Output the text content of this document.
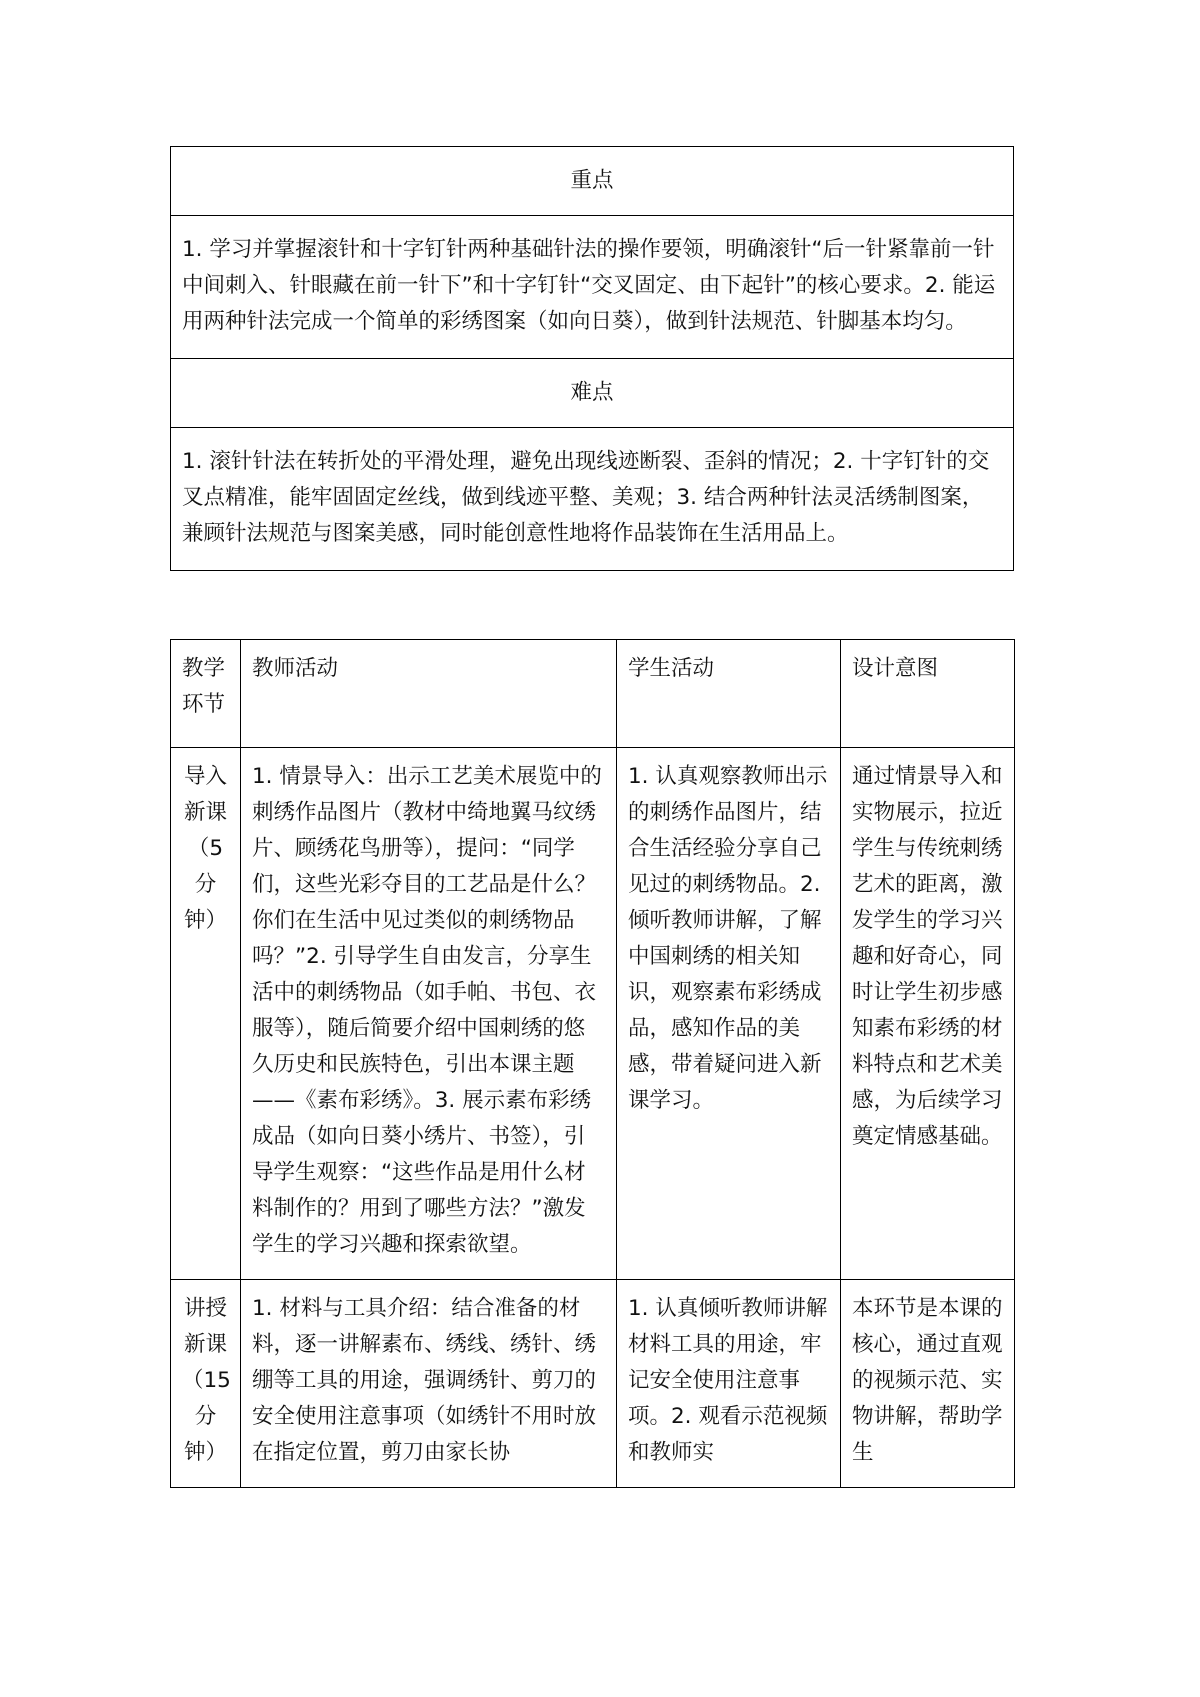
重点
1. 学习并掌握滚针和十字钉针两种基础针法的操作要领，明确滚针“后一针紧靠前一针中间刺入、针眼藏在前一针下”和十字钉针“交叉固定、由下起针”的核心要求。2. 能运用两种针法完成一个简单的彩绣图案（如向日葵），做到针法规范、针脚基本均匀。
难点
1. 滚针针法在转折处的平滑处理，避免出现线迹断裂、歪斜的情况；2. 十字钉针的交叉点精准，能牢固固定丝线，做到线迹平整、美观；3. 结合两种针法灵活绣制图案，兼顾针法规范与图案美感，同时能创意性地将作品装饰在生活用品上。
教学环节	教师活动	学生活动	设计意图
导入新课（5分钟）	1. 情景导入：出示工艺美术展览中的刺绣作品图片（教材中绮地翼马纹绣片、顾绣花鸟册等），提问：“同学们，这些光彩夺目的工艺品是什么？你们在生活中见过类似的刺绣物品吗？”2. 引导学生自由发言，分享生活中的刺绣物品（如手帕、书包、衣服等），随后简要介绍中国刺绣的悠久历史和民族特色，引出本课主题——《素布彩绣》。3. 展示素布彩绣成品（如向日葵小绣片、书签），引导学生观察：“这些作品是用什么材料制作的？用到了哪些方法？”激发学生的学习兴趣和探索欲望。	1. 认真观察教师出示的刺绣作品图片，结合生活经验分享自己见过的刺绣物品。2. 倾听教师讲解，了解中国刺绣的相关知识，观察素布彩绣成品，感知作品的美感，带着疑问进入新课学习。	通过情景导入和实物展示，拉近学生与传统刺绣艺术的距离，激发学生的学习兴趣和好奇心，同时让学生初步感知素布彩绣的材料特点和艺术美感，为后续学习奠定情感基础。
讲授新课（15分钟）	1. 材料与工具介绍：结合准备的材料，逐一讲解素布、绣线、绣针、绣绷等工具的用途，强调绣针、剪刀的安全使用注意事项（如绣针不用时放在指定位置，剪刀由家长协	1. 认真倾听教师讲解材料工具的用途，牢记安全使用注意事项。2. 观看示范视频和教师实	本环节是本课的核心，通过直观的视频示范、实物讲解，帮助学生
